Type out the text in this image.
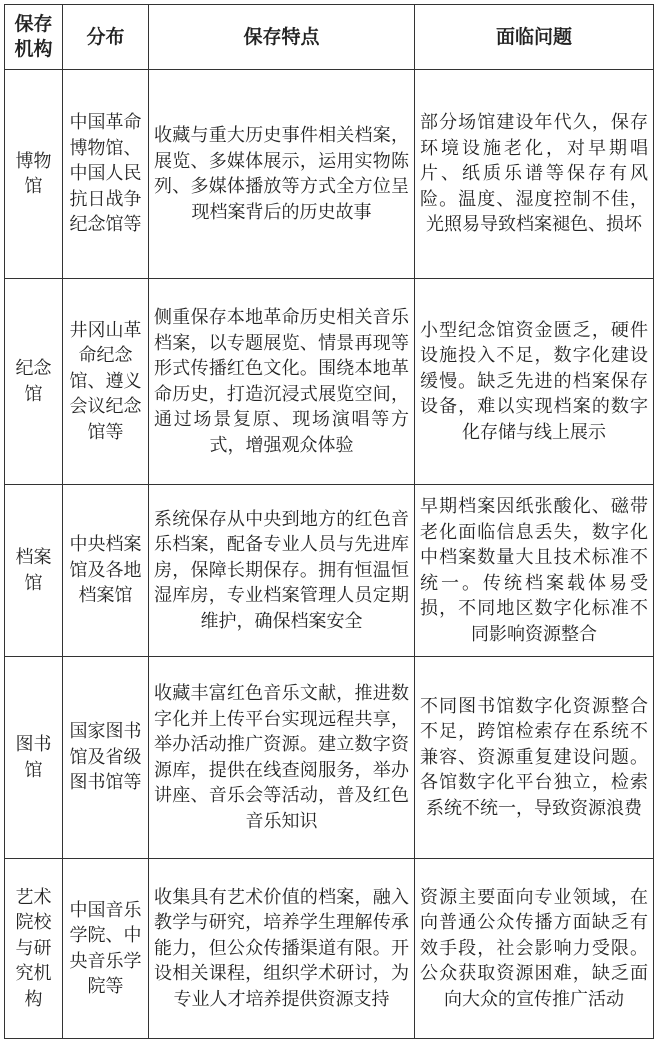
保存机构	分布	保存特点	面临问题
博物馆	中国革命博物馆、中国人民抗日战争纪念馆等	收藏与重大历史事件相关档案，展览、多媒体展示，运用实物陈列、多媒体播放等方式全方位呈现档案背后的历史故事	部分场馆建设年代久，保存环境设施老化，对早期唱片、纸质乐谱等保存有风险。温度、湿度控制不佳，光照易导致档案褪色、损坏

纪念馆	井冈山革命纪念馆、遵义会议纪念馆等	侧重保存本地革命历史相关音乐档案，以专题展览、情景再现等形式传播红色文化。围绕本地革命历史，打造沉浸式展览空间，通过场景复原、现场演唱等方式，增强观众体验	小型纪念馆资金匮乏，硬件设施投入不足，数字化建设缓慢。缺乏先进的档案保存设备，难以实现档案的数字化存储与线上展示

档案馆	中央档案馆及各地档案馆	系统保存从中央到地方的红色音乐档案，配备专业人员与先进库房，保障长期保存。拥有恒温恒湿库房，专业档案管理人员定期维护，确保档案安全	早期档案因纸张酸化、磁带老化面临信息丢失，数字化中档案数量大且技术标准不统一。传统档案载体易受损，不同地区数字化标准不同影响资源整合

图书馆	国家图书馆及省级图书馆等	收藏丰富红色音乐文献，推进数字化并上传平台实现远程共享，举办活动推广资源。建立数字资源库，提供在线查阅服务，举办讲座、音乐会等活动，普及红色音乐知识	不同图书馆数字化资源整合不足，跨馆检索存在系统不兼容、资源重复建设问题。各馆数字化平台独立，检索系统不统一，导致资源浪费

艺术院校与研究机构	中国音乐学院、中央音乐学院等	收集具有艺术价值的档案，融入教学与研究，培养学生理解传承能力，但公众传播渠道有限。开设相关课程，组织学术研讨，为专业人才培养提供资源支持	资源主要面向专业领域，在向普通公众传播方面缺乏有效手段，社会影响力受限。公众获取资源困难，缺乏面向大众的宣传推广活动
